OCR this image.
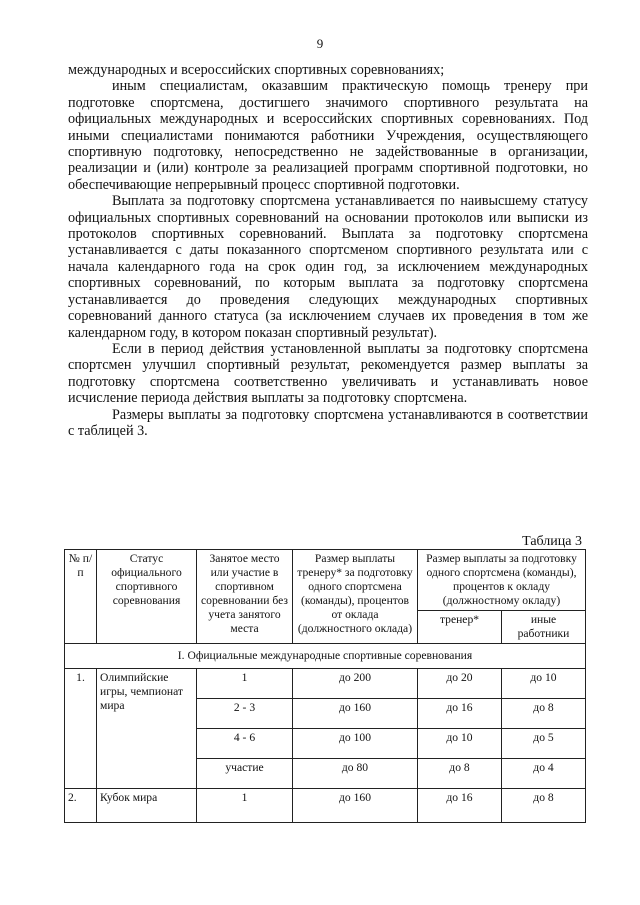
9

международных и всероссийских спортивных соревнованиях;

иным специалистам, оказавшим практическую помощь тренеру при подготовке спортсмена, достигшего значимого спортивного результата на официальных международных и всероссийских спортивных соревнованиях. Под иными специалистами понимаются работники Учреждения, осуществляющего спортивную подготовку, непосредственно не задействованные в организации, реализации и (или) контроле за реализацией программ спортивной подготовки, но обеспечивающие непрерывный процесс спортивной подготовки.

Выплата за подготовку спортсмена устанавливается по наивысшему статусу официальных спортивных соревнований на основании протоколов или выписки из протоколов спортивных соревнований. Выплата за подготовку спортсмена устанавливается с даты показанного спортсменом спортивного результата или с начала календарного года на срок один год, за исключением международных спортивных соревнований, по которым выплата за подготовку спортсмена устанавливается до проведения следующих международных спортивных соревнований данного статуса (за исключением случаев их проведения в том же календарном году, в котором показан спортивный результат).

Если в период действия установленной выплаты за подготовку спортсмена спортсмен улучшил спортивный результат, рекомендуется размер выплаты за подготовку спортсмена соответственно увеличивать и устанавливать новое исчисление периода действия выплаты за подготовку спортсмена.

Размеры выплаты за подготовку спортсмена устанавливаются в соответствии с таблицей 3.

Таблица 3
№ п/п	Статус официального спортивного соревнования	Занятое место или участие в спортивном соревновании без учета занятого места	Размер выплаты тренеру* за подготовку одного спортсмена (команды), процентов от оклада (должностного оклада)	Размер выплаты за подготовку одного спортсмена (команды), процентов к окладу (должностному окладу)	
				тренер*	иные работники
I. Официальные международные спортивные соревнования					
1.	Олимпийские игры, чемпионат мира	1	до 200	до 20	до 10
		2 - 3	до 160	до 16	до 8
		4 - 6	до 100	до 10	до 5
		участие	до 80	до 8	до 4
2.	Кубок мира	1	до 160	до 16	до 8
